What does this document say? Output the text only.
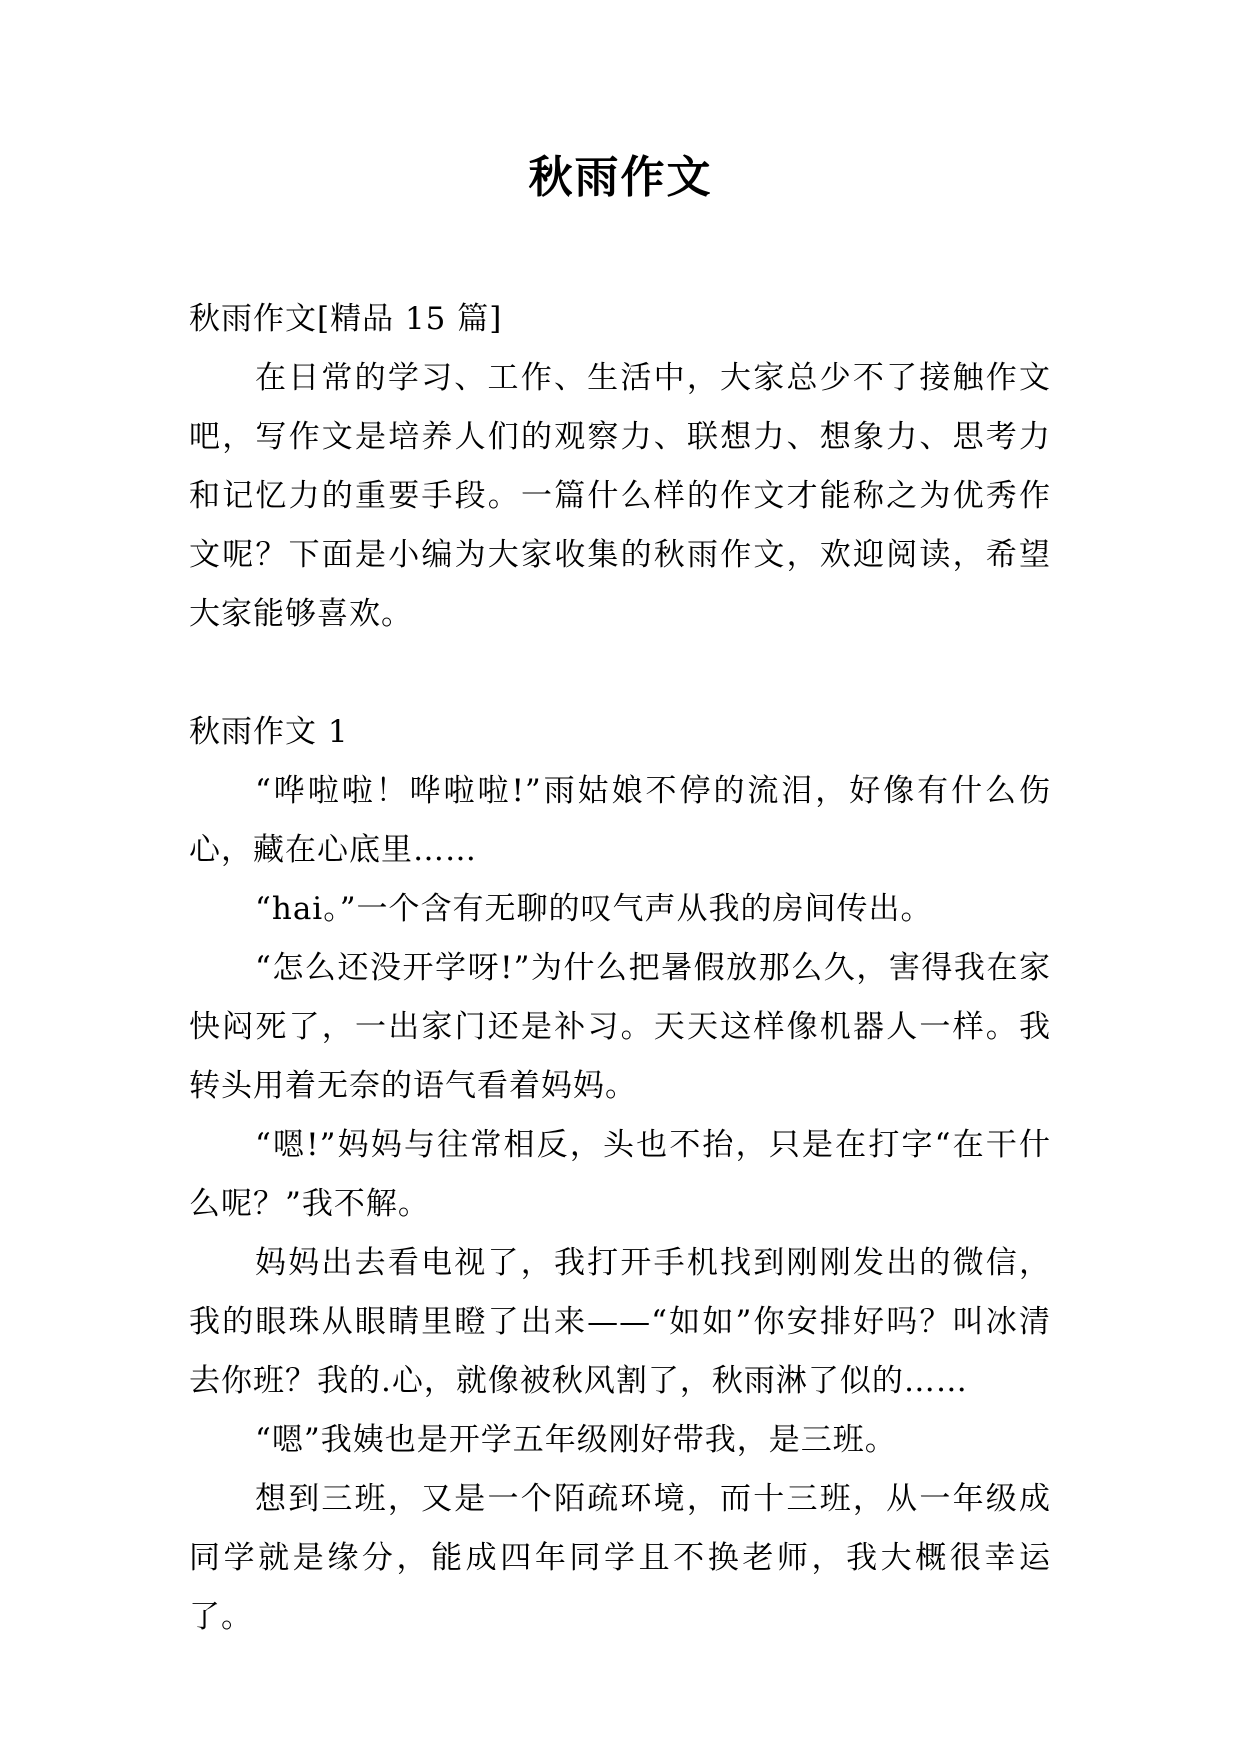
秋雨作文

秋雨作文[精品 15 篇]

在日常的学习、工作、生活中，大家总少不了接触作文吧，写作文是培养人们的观察力、联想力、想象力、思考力和记忆力的重要手段。一篇什么样的作文才能称之为优秀作文呢？下面是小编为大家收集的秋雨作文，欢迎阅读，希望大家能够喜欢。

秋雨作文 1

“哗啦啦！哗啦啦!”雨姑娘不停的流泪，好像有什么伤心，藏在心底里……

“hai。”一个含有无聊的叹气声从我的房间传出。

“怎么还没开学呀!”为什么把暑假放那么久，害得我在家快闷死了，一出家门还是补习。天天这样像机器人一样。我转头用着无奈的语气看着妈妈。

“嗯!”妈妈与往常相反，头也不抬，只是在打字“在干什么呢？”我不解。

妈妈出去看电视了，我打开手机找到刚刚发出的微信，我的眼珠从眼睛里瞪了出来——“如如”你安排好吗？叫冰清去你班？我的.心，就像被秋风割了，秋雨淋了似的……

“嗯”我姨也是开学五年级刚好带我，是三班。

想到三班，又是一个陌疏环境，而十三班，从一年级成同学就是缘分，能成四年同学且不换老师，我大概很幸运了。
